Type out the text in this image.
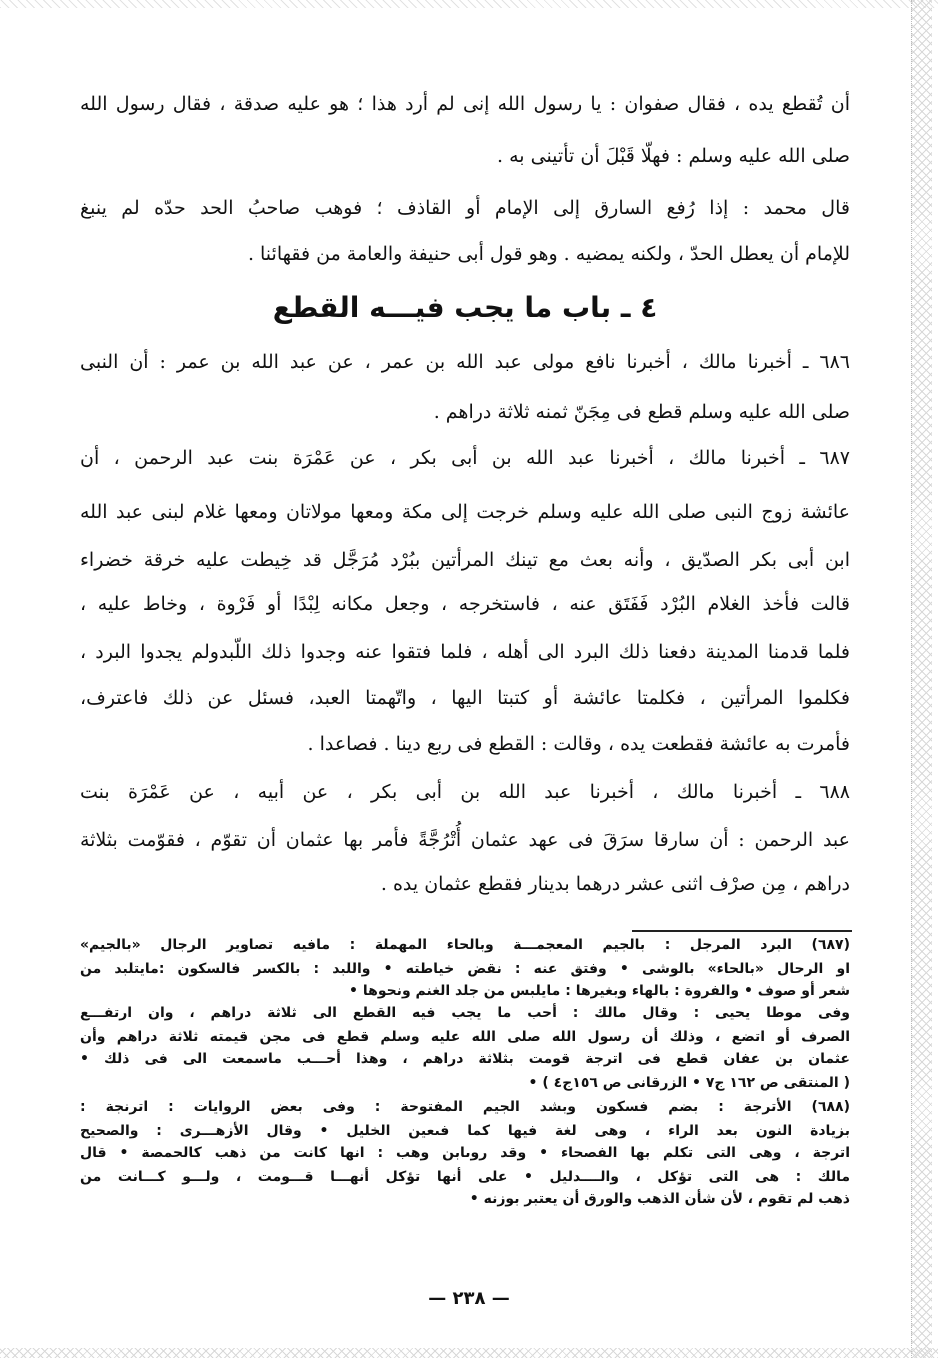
أن تُقطع يده ، فقال صفوان : يا رسول الله إنى لم أرد هذا ؛ هو عليه صدقة ، فقال رسول الله
صلى الله عليه وسلم : فهلّا قَبْلَ أن تأتينى به .
قال محمد : إذا رُفع السارق إلى الإمام أو القاذف ؛ فوهب صاحبُ الحد حدّه لم ينبغ
للإمام أن يعطل الحدّ ، ولكنه يمضيه . وهو قول أبى حنيفة والعامة من فقهائنا .
٤ ـ باب ما يجب فيـــه القطع
٦٨٦ ـ أخبرنا مالك ، أخبرنا نافع مولى عبد الله بن عمر ، عن عبد الله بن عمر : أن النبى
صلى الله عليه وسلم قطع فى مِجَنّ ثمنه ثلاثة دراهم .
٦٨٧ ـ أخبرنا مالك ، أخبرنا عبد الله بن أبى بكر ، عن عَمْرَة بنت عبد الرحمن ، أن
عائشة زوج النبى صلى الله عليه وسلم خرجت إلى مكة ومعها مولاتان ومعها غلام لبنى عبد الله
ابن أبى بكر الصدّيق ، وأنه بعث مع تينك المرأتين ببُرْد مُرَجَّل قد خِيطت عليه خرقة خضراء
قالت فأخذ الغلام البُرْد فَفَتَق عنه ، فاستخرجه ، وجعل مكانه لِبْدًا أو فَرْوة ، وخاط عليه ،
فلما قدمنا المدينة دفعنا ذلك البرد الى أهله ، فلما فتقوا عنه وجدوا ذلك اللّبدولم يجدوا البرد ،
فكلموا المرأتين ، فكلمتا عائشة أو كتبتا اليها ، واتّهمتا العبد، فسئل عن ذلك فاعترف،
فأمرت به عائشة فقطعت يده ، وقالت : القطع فى ربع دينا . فصاعدا .
٦٨٨ ـ أخبرنا مالك ، أخبرنا عبد الله بن أبى بكر ، عن أبيه ، عن عَمْرَة بنت
عبد الرحمن : أن سارقا سرَقَ فى عهد عثمان أُتْرُجَّةً فأمر بها عثمان أن تقوّم ، فقوّمت بثلاثة
دراهم ، مِن صرْف اثنى عشر درهما بدينار فقطع عثمان يده .
(٦٨٧) البرد المرجل : بالجيم المعجمـــة وبالحاء المهملة : مافيه تصاوير الرجال «بالجيم»
او الرحال «بالحاء» بالوشى • وفتق عنه : نقض خياطته • واللبد : بالكسر فالسكون :مايتلبد من
شعر أو صوف • والفروة : بالهاء وبغيرها : مايلبس من جلد الغنم ونحوها •
وفى موطا يحيى : وقال مالك : أحب ما يجب فيه القطع الى ثلاثة دراهم ، وان ارتفـــع
الصرف أو اتضع ، وذلك أن رسول الله صلى الله عليه وسلم قطع فى مجن قيمته ثلاثة دراهم وأن
عثمان بن عفان قطع فى اترجة قومت بثلاثة دراهم ، وهذا أحـــب ماسمعت الى فى ذلك •
( المنتقى ص ١٦٢ ج٧ • الزرقانى ص ١٥٦ج٤ ) •
(٦٨٨) الأترجة : بضم فسكون وبشد الجيم المفتوحة : وفى بعض الروايات : اترنجة :
بزيادة النون بعد الراء ، وهى لغة فيها كما فىعين الخليل • وقال الأزهـــرى : والصحيح
اترجة ، وهى التى تكلم بها الفصحاء • وقد روىابن وهب : انها كانت من ذهب كالحمصة • قال
مالك : هى التى تؤكل ، والــــدليل • على أنها تؤكل أنهـــا قـــومت ، ولـــو كـــانت من
ذهب لم تقوم ، لأن شأن الذهب والورق أن يعتبر بوزنه •
— ٢٣٨ —
